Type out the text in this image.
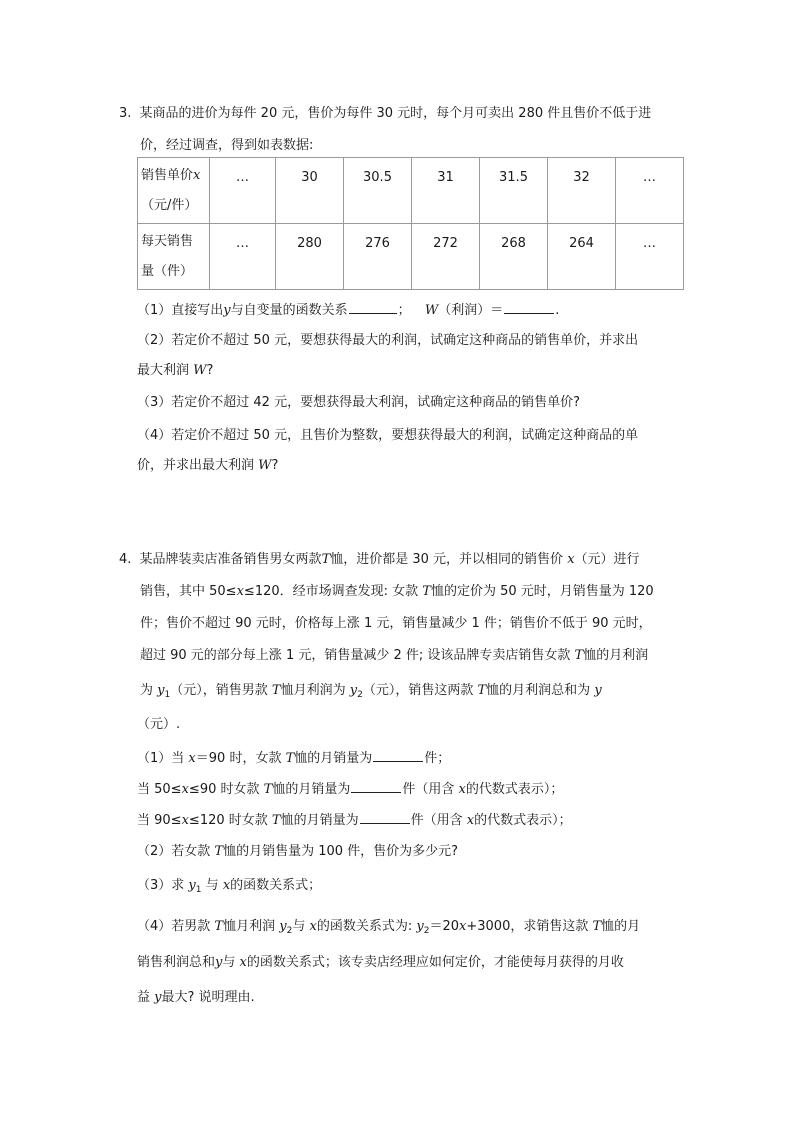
3. 某商品的进价为每件 20 元，售价为每件 30 元时，每个月可卖出 280 件且售价不低于进
价，经过调查，得到如表数据:
销售单价x
（元/件）	…	30	30.5	31	31.5	32	…
每天销售
量（件）	…	280	276	272	268	264	…
（1）直接写出y与自变量的函数关系	； W（利润）＝	.
（2）若定价不超过 50 元，要想获得最大的利润，试确定这种商品的销售单价，并求出
最大利润 W?
（3）若定价不超过 42 元，要想获得最大利润，试确定这种商品的销售单价?
（4）若定价不超过 50 元，且售价为整数，要想获得最大的利润，试确定这种商品的单
价，并求出最大利润 W?
4. 某品牌装卖店准备销售男女两款T恤，进价都是 30 元，并以相同的销售价 x（元）进行
销售，其中 50≤x≤120．经市场调查发现: 女款 T恤的定价为 50 元时，月销售量为 120
件；售价不超过 90 元时，价格每上涨 1 元，销售量减少 1 件；销售价不低于 90 元时，
超过 90 元的部分每上涨 1 元，销售量减少 2 件; 设该品牌专卖店销售女款 T恤的月利润
为 $y_1$（元），销售男款 T恤月利润为 $y_2$（元），销售这两款 T恤的月利润总和为 y
（元）.
（1）当 x＝90 时，女款 T恤的月销量为	件；
当 50≤x≤90 时女款 T恤的月销量为	件（用含 x的代数式表示）；
当 90≤x≤120 时女款 T恤的月销量为	件（用含 x的代数式表示）；
（2）若女款 T恤的月销售量为 100 件，售价为多少元?
（3）求 $y_1$ 与 x的函数关系式；
（4）若男款 T恤月利润 $y_2$与 x的函数关系式为: $y_2=20x+3000$，求销售这款 T恤的月
销售利润总和y与 x的函数关系式；该专卖店经理应如何定价，才能使每月获得的月收
益 y最大? 说明理由.
